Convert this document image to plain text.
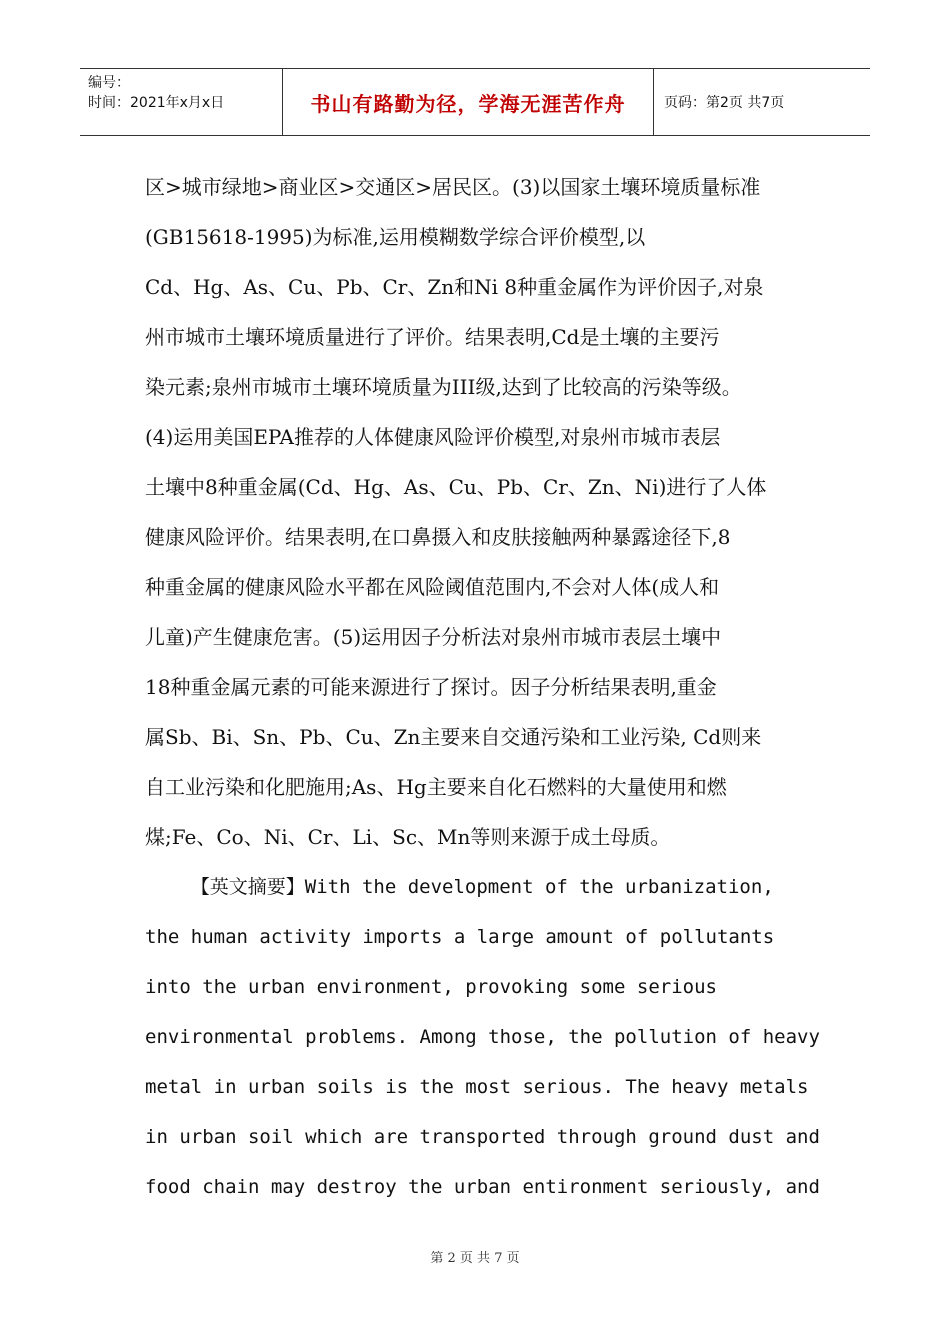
编号：
时间：2021年x月x日	书山有路勤为径，学海无涯苦作舟	页码：第2页 共7页
区>城市绿地>商业区>交通区>居民区。(3)以国家土壤环境质量标准
(GB15618-1995)为标准,运用模糊数学综合评价模型,以
Cd、Hg、As、Cu、Pb、Cr、Zn和Ni 8种重金属作为评价因子,对泉
州市城市土壤环境质量进行了评价。结果表明,Cd是土壤的主要污
染元素;泉州市城市土壤环境质量为III级,达到了比较高的污染等级。
(4)运用美国EPA推荐的人体健康风险评价模型,对泉州市城市表层
土壤中8种重金属(Cd、Hg、As、Cu、Pb、Cr、Zn、Ni)进行了人体
健康风险评价。结果表明,在口鼻摄入和皮肤接触两种暴露途径下,8
种重金属的健康风险水平都在风险阈值范围内,不会对人体(成人和
儿童)产生健康危害。(5)运用因子分析法对泉州市城市表层土壤中
18种重金属元素的可能来源进行了探讨。因子分析结果表明,重金
属Sb、Bi、Sn、Pb、Cu、Zn主要来自交通污染和工业污染, Cd则来
自工业污染和化肥施用;As、Hg主要来自化石燃料的大量使用和燃
煤;Fe、Co、Ni、Cr、Li、Sc、Mn等则来源于成土母质。
【英文摘要】With the development of the urbanization,
the human activity imports a large amount of pollutants
into the urban environment, provoking some serious
environmental problems. Among those, the pollution of heavy
metal in urban soils is the most serious. The heavy metals
in urban soil which are transported through ground dust and
food chain may destroy the urban entironment seriously, and
第 2 页 共 7 页
